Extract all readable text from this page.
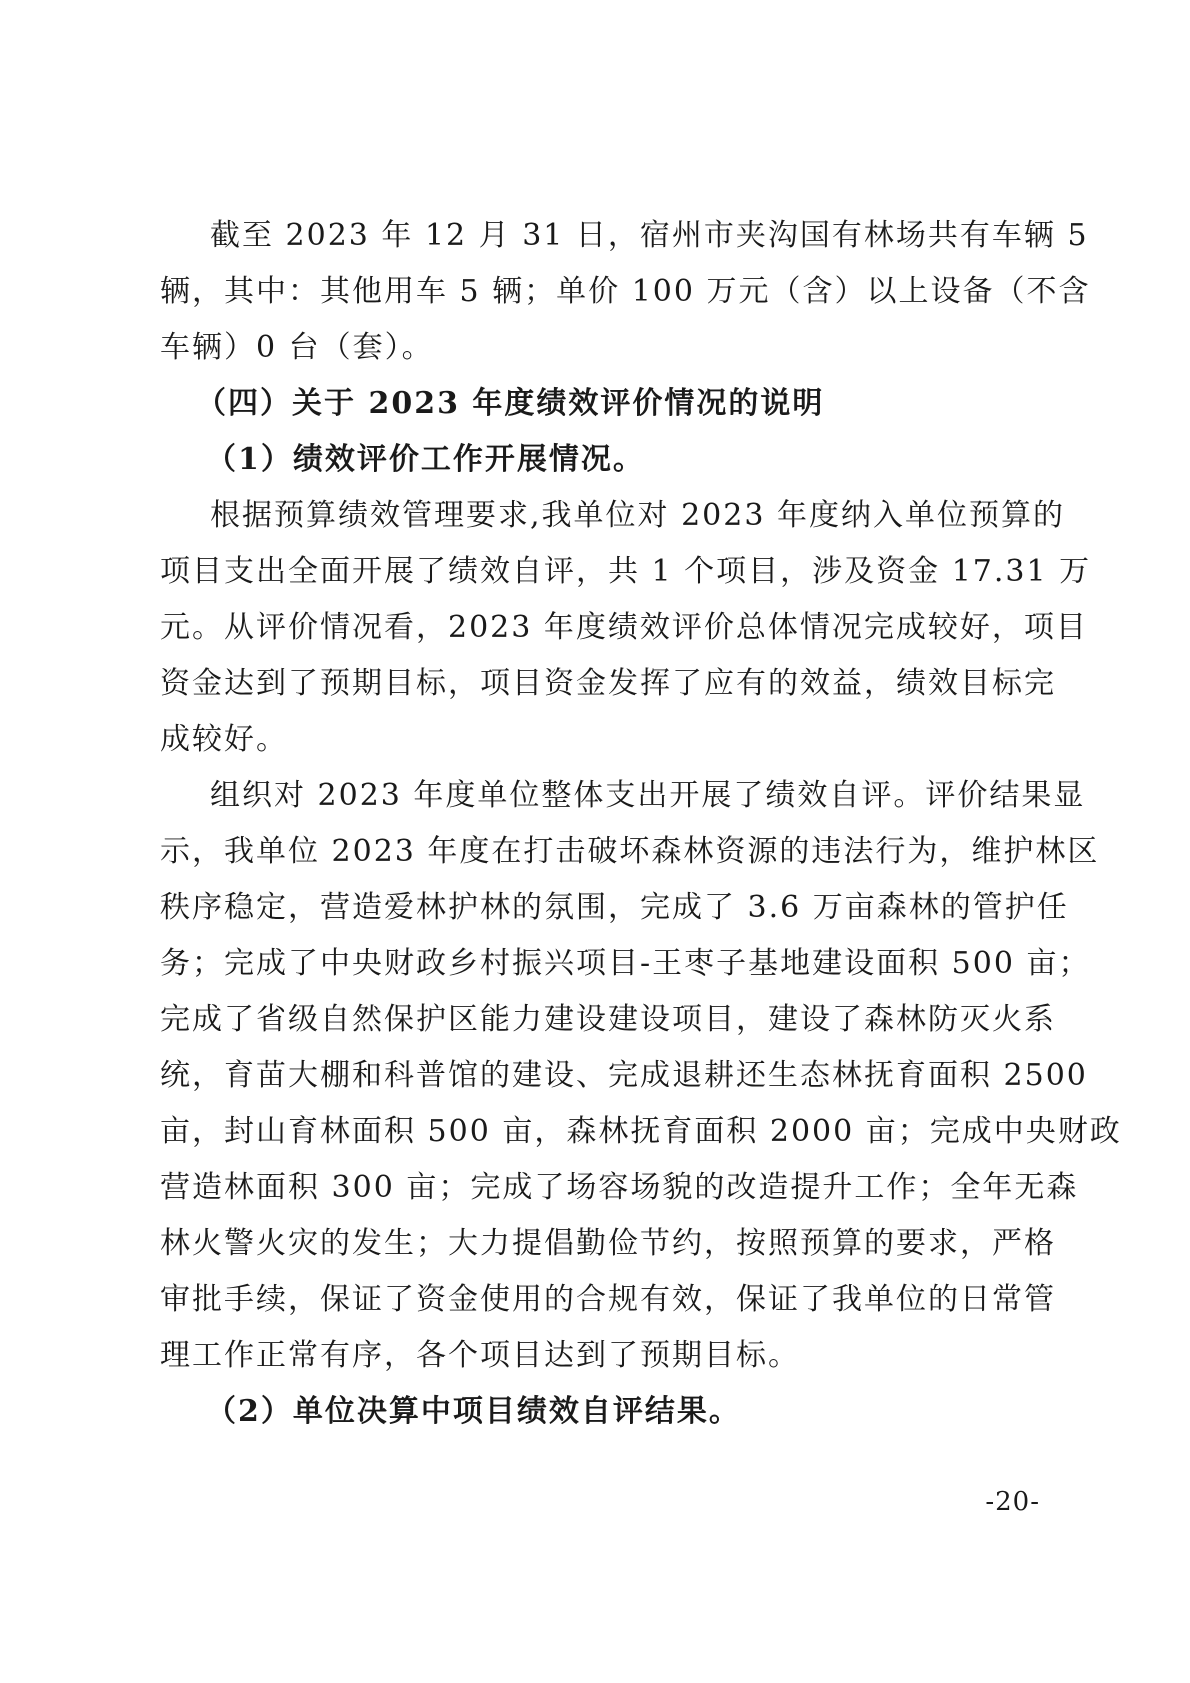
截至 2023 年 12 月 31 日，宿州市夹沟国有林场共有车辆 5

辆，其中：其他用车 5 辆；单价 100 万元（含）以上设备（不含

车辆）0 台（套）。

（四）关于 2023 年度绩效评价情况的说明

（1）绩效评价工作开展情况。

根据预算绩效管理要求,我单位对 2023 年度纳入单位预算的

项目支出全面开展了绩效自评，共 1 个项目，涉及资金 17.31 万

元。从评价情况看，2023 年度绩效评价总体情况完成较好，项目

资金达到了预期目标，项目资金发挥了应有的效益，绩效目标完

成较好。

组织对 2023 年度单位整体支出开展了绩效自评。评价结果显

示，我单位 2023 年度在打击破坏森林资源的违法行为，维护林区

秩序稳定，营造爱林护林的氛围，完成了 3.6 万亩森林的管护任

务；完成了中央财政乡村振兴项目-王枣子基地建设面积 500 亩；

完成了省级自然保护区能力建设建设项目，建设了森林防灭火系

统，育苗大棚和科普馆的建设、完成退耕还生态林抚育面积 2500

亩，封山育林面积 500 亩，森林抚育面积 2000 亩；完成中央财政

营造林面积 300 亩；完成了场容场貌的改造提升工作；全年无森

林火警火灾的发生；大力提倡勤俭节约，按照预算的要求，严格

审批手续，保证了资金使用的合规有效，保证了我单位的日常管

理工作正常有序，各个项目达到了预期目标。

（2）单位决算中项目绩效自评结果。

-20-
